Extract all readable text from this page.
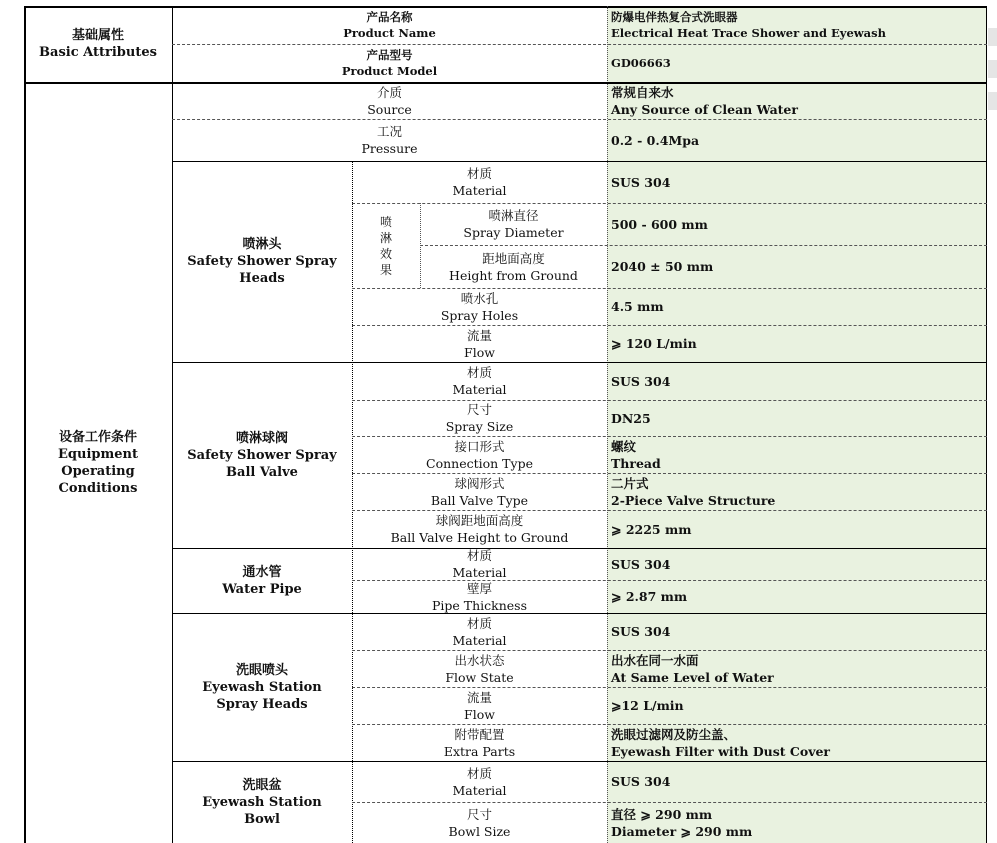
基础属性
Basic Attributes
产品名称
Product Name
防爆电伴热复合式洗眼器
Electrical Heat Trace Shower and Eyewash
产品型号
Product Model
GD06663
设备工作条件
Equipment
Operating
Conditions
介质
Source
常规自来水
Any Source of Clean Water
工况
Pressure
0.2 - 0.4Mpa
喷淋头
Safety Shower Spray
Heads
材质
Material
SUS 304
喷
淋
效
果
喷淋直径
Spray Diameter
500 - 600 mm
距地面高度
Height from Ground
2040 ± 50 mm
喷水孔
Spray Holes
4.5 mm
流量
Flow
⩾ 120 L/min
喷淋球阀
Safety Shower Spray
Ball Valve
材质
Material
SUS 304
尺寸
Spray Size
DN25
接口形式
Connection Type
螺纹
Thread
球阀形式
Ball Valve Type
二片式
2-Piece Valve Structure
球阀距地面高度
Ball Valve Height to Ground
⩾ 2225 mm
通水管
Water Pipe
材质
Material
SUS 304
壁厚
Pipe Thickness
⩾ 2.87 mm
洗眼喷头
Eyewash Station
Spray Heads
材质
Material
SUS 304
出水状态
Flow State
出水在同一水面
At Same Level of Water
流量
Flow
⩾12 L/min
附带配置
Extra Parts
洗眼过滤网及防尘盖、
Eyewash Filter with Dust Cover
洗眼盆
Eyewash Station
Bowl
材质
Material
SUS 304
尺寸
Bowl Size
直径 ⩾ 290 mm
Diameter ⩾ 290 mm
